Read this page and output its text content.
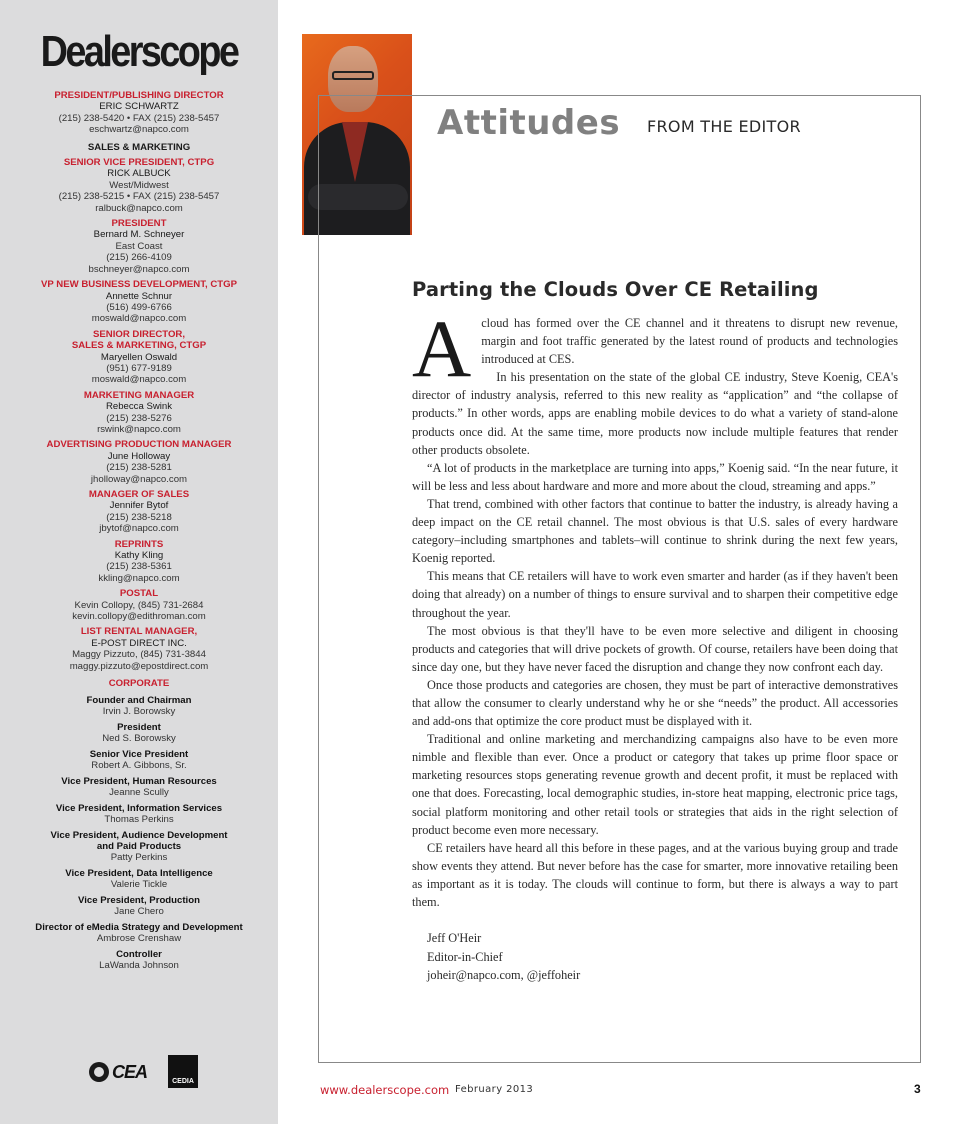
Dealerscope
PRESIDENT/PUBLISHING DIRECTOR
ERIC SCHWARTZ
(215) 238-5420 • FAX (215) 238-5457
eschwartz@napco.com
SALES & MARKETING
SENIOR VICE PRESIDENT, CTPG
RICK ALBUCK
West/Midwest
(215) 238-5215 • FAX (215) 238-5457
ralbuck@napco.com
PRESIDENT
Bernard M. Schneyer
East Coast
(215) 266-4109
bschneyer@napco.com
VP NEW BUSINESS DEVELOPMENT, CTGP
Annette Schnur
(516) 499-6766
moswald@napco.com
SENIOR DIRECTOR,
SALES & MARKETING, CTGP
Maryellen Oswald
(951) 677-9189
moswald@napco.com
MARKETING MANAGER
Rebecca Swink
(215) 238-5276
rswink@napco.com
ADVERTISING PRODUCTION MANAGER
June Holloway
(215) 238-5281
jholloway@napco.com
MANAGER OF SALES
Jennifer Bytof
(215) 238-5218
jbytof@napco.com
REPRINTS
Kathy Kling
(215) 238-5361
kkling@napco.com
POSTAL
Kevin Collopy, (845) 731-2684
kevin.collopy@edithroman.com
LIST RENTAL MANAGER,
E-POST DIRECT INC.
Maggy Pizzuto, (845) 731-3844
maggy.pizzuto@epostdirect.com
CORPORATE
Founder and Chairman
Irvin J. Borowsky
President
Ned S. Borowsky
Senior Vice President
Robert A. Gibbons, Sr.
Vice President, Human Resources
Jeanne Scully
Vice President, Information Services
Thomas Perkins
Vice President, Audience Development
and Paid Products
Patty Perkins
Vice President, Data Intelligence
Valerie Tickle
Vice President, Production
Jane Chero
Director of eMedia Strategy and Development
Ambrose Crenshaw
Controller
LaWanda Johnson
CEA	CEDIA
Attitudes FROM THE EDITOR
Parting the Clouds Over CE Retailing

Acloud has formed over the CE channel and it threatens to disrupt new revenue, margin and foot traffic generated by the latest round of products and technologies introduced at CES.

In his presentation on the state of the global CE industry, Steve Koenig, CEA's director of industry analysis, referred to this new reality as “application” and “the collapse of products.” In other words, apps are enabling mobile devices to do what a variety of stand-alone products once did. At the same time, more products now include multiple features that render other products obsolete.

“A lot of products in the marketplace are turning into apps,” Koenig said. “In the near future, it will be less and less about hardware and more and more about the cloud, streaming and apps.”

That trend, combined with other factors that continue to batter the industry, is already having a deep impact on the CE retail channel. The most obvious is that U.S. sales of every hardware category–including smartphones and tablets–will continue to shrink during the next few years, Koenig reported.

This means that CE retailers will have to work even smarter and harder (as if they haven't been doing that already) on a number of things to ensure survival and to sharpen their competitive edge throughout the year.

The most obvious is that they'll have to be even more selective and diligent in choosing products and categories that will drive pockets of growth. Of course, retailers have been doing that since day one, but they have never faced the disruption and change they now confront each day.

Once those products and categories are chosen, they must be part of interactive demonstratives that allow the consumer to clearly understand why he or she “needs” the product. All accessories and add-ons that optimize the core product must be displayed with it.

Traditional and online marketing and merchandizing campaigns also have to be even more nimble and flexible than ever. Once a product or category that takes up prime floor space or marketing resources stops generating revenue growth and decent profit, it must be replaced with one that does. Forecasting, local demographic studies, in-store heat mapping, electronic price tags, social platform monitoring and other retail tools or strategies that aids in the right selection of product become even more necessary.

CE retailers have heard all this before in these pages, and at the various buying group and trade show events they attend. But never before has the case for smarter, more innovative retailing been as important as it is today. The clouds will continue to form, but there is always a way to part them.

Jeff O'Heir
Editor-in-Chief
joheir@napco.com, @jeffoheir
www.dealerscope.com February 2013	3
